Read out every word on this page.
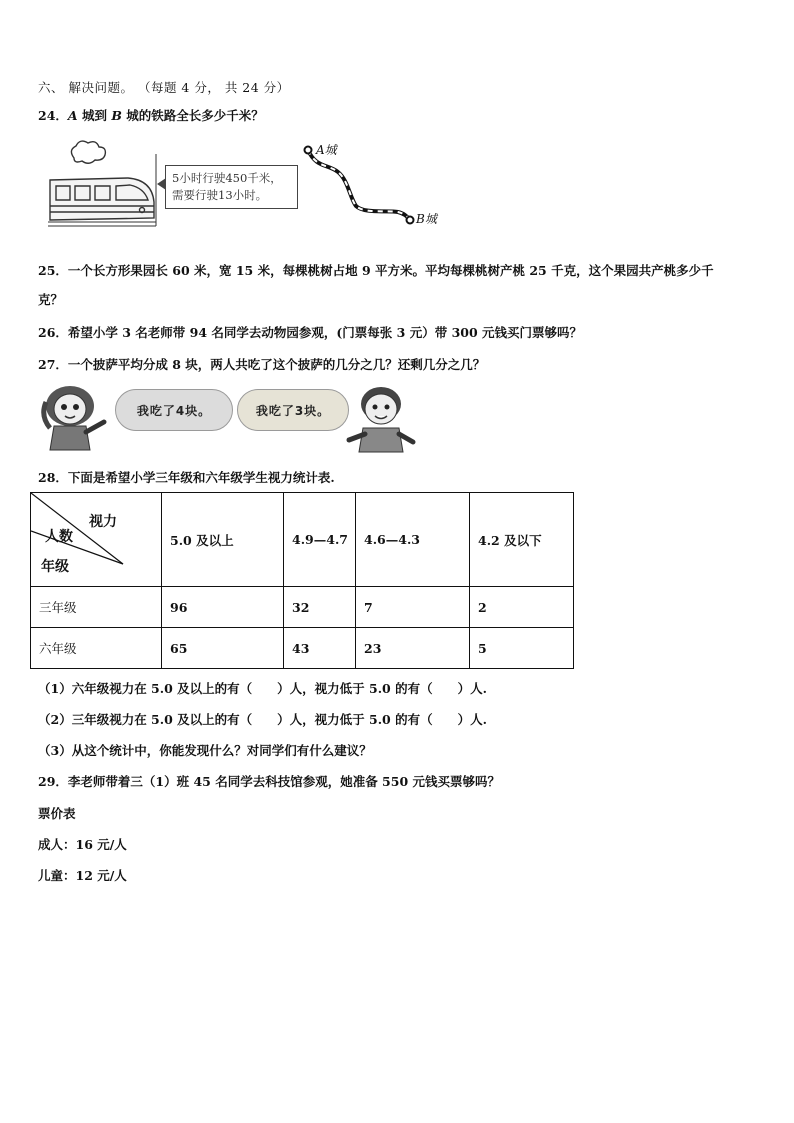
六、 解决问题。 （每题 4 分， 共 24 分）
24．A 城到 B 城的铁路全长多少千米？
5小时行驶450千米，
需要行驶13小时。
A城
B城
25．一个长方形果园长 60 米，宽 15 米，每棵桃树占地 9 平方米。平均每棵桃树产桃 25 千克，这个果园共产桃多少千
克？
26．希望小学 3 名老师带 94 名同学去动物园参观，(门票每张 3 元）带 300 元钱买门票够吗？
27．一个披萨平均分成 8 块，两人共吃了这个披萨的几分之几？还剩几分之几？
我吃了4块。	我吃了3块。
28．下面是希望小学三年级和六年级学生视力统计表.
视力
人数
年级	5.0 及以上	4.9—4.7	4.6—4.3	4.2 及以下
三年级	96	32	7	2
六年级	65	43	23	5
（1）六年级视力在 5.0 及以上的有（　　）人，视力低于 5.0 的有（　　）人.
（2）三年级视力在 5.0 及以上的有（　　）人，视力低于 5.0 的有（　　）人.
（3）从这个统计中，你能发现什么？对同学们有什么建议？
29．李老师带着三（1）班 45 名同学去科技馆参观，她准备 550 元钱买票够吗？
票价表
成人：16 元/人
儿童：12 元/人
